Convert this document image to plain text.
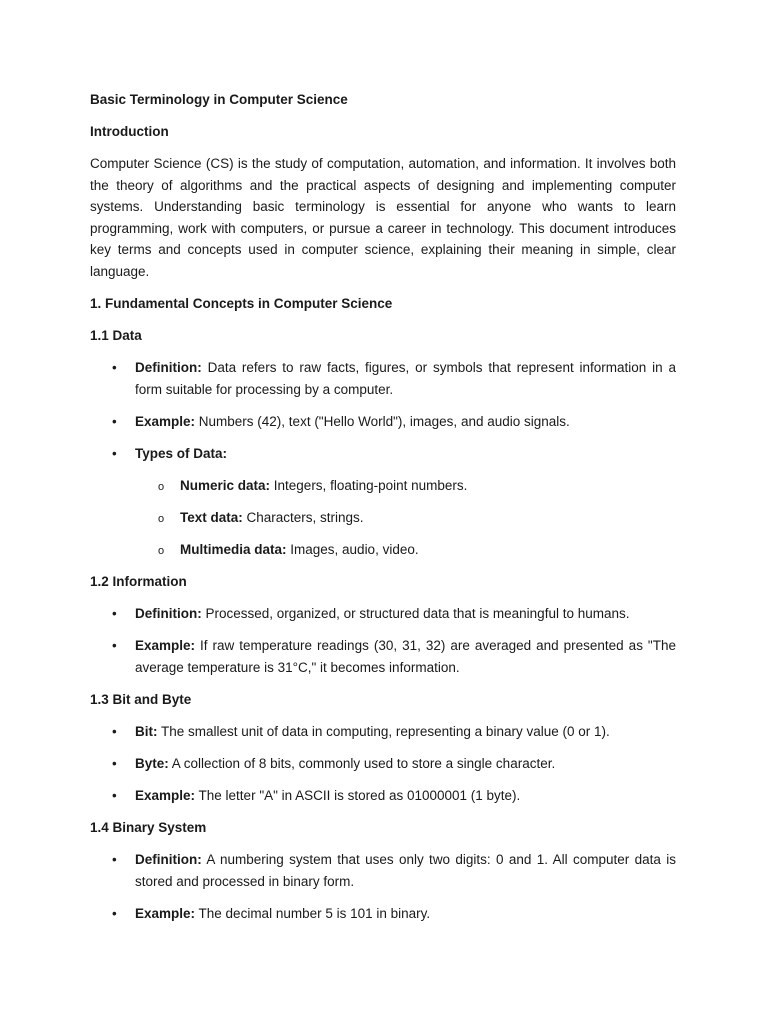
Basic Terminology in Computer Science
Introduction

Computer Science (CS) is the study of computation, automation, and information. It involves both the theory of algorithms and the practical aspects of designing and implementing computer systems. Understanding basic terminology is essential for anyone who wants to learn programming, work with computers, or pursue a career in technology. This document introduces key terms and concepts used in computer science, explaining their meaning in simple, clear language.

1. Fundamental Concepts in Computer Science
1.1 Data
• Definition: Data refers to raw facts, figures, or symbols that represent information in a form suitable for processing by a computer.
• Example: Numbers (42), text ("Hello World"), images, and audio signals.
• Types of Data:
o Numeric data: Integers, floating-point numbers.
o Text data: Characters, strings.
o Multimedia data: Images, audio, video.
1.2 Information
• Definition: Processed, organized, or structured data that is meaningful to humans.
• Example: If raw temperature readings (30, 31, 32) are averaged and presented as "The average temperature is 31°C," it becomes information.
1.3 Bit and Byte
• Bit: The smallest unit of data in computing, representing a binary value (0 or 1).
• Byte: A collection of 8 bits, commonly used to store a single character.
• Example: The letter "A" in ASCII is stored as 01000001 (1 byte).
1.4 Binary System
• Definition: A numbering system that uses only two digits: 0 and 1. All computer data is stored and processed in binary form.
• Example: The decimal number 5 is 101 in binary.
